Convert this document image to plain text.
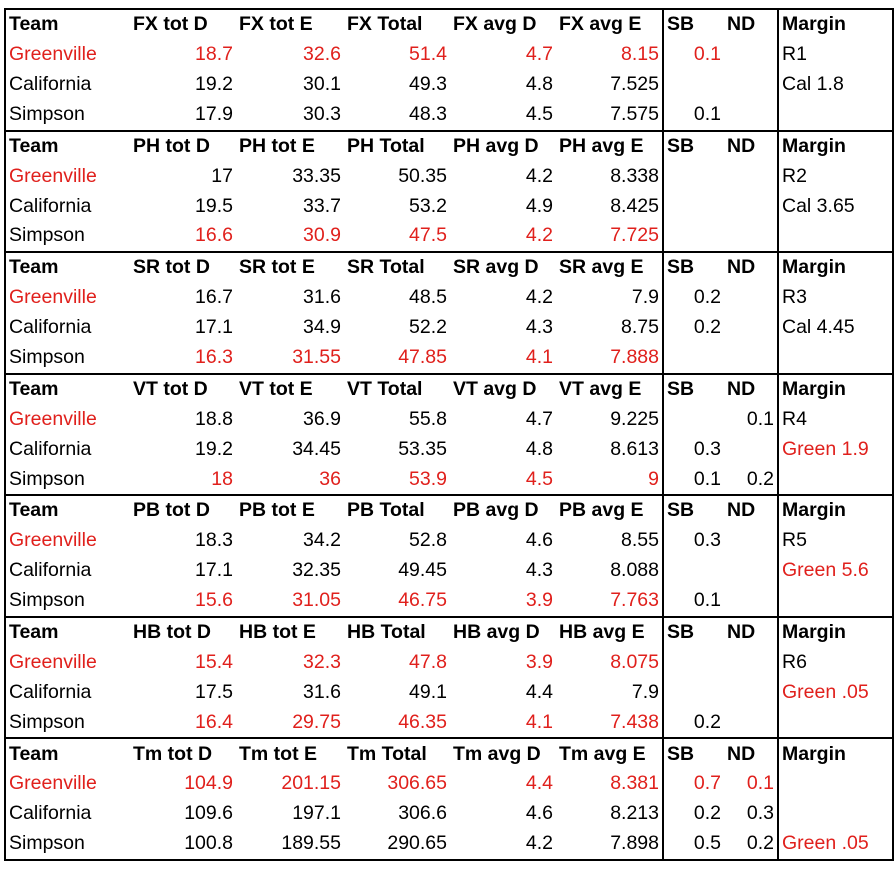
Team	FX tot D	FX tot E	FX Total	FX avg D	FX avg E	SB	ND	Margin
Greenville	18.7	32.6	51.4	4.7	8.15	0.1		R1
California	19.2	30.1	49.3	4.8	7.525			Cal 1.8
Simpson	17.9	30.3	48.3	4.5	7.575	0.1		
Team	PH tot D	PH tot E	PH Total	PH avg D	PH avg E	SB	ND	Margin
Greenville	17	33.35	50.35	4.2	8.338			R2
California	19.5	33.7	53.2	4.9	8.425			Cal 3.65
Simpson	16.6	30.9	47.5	4.2	7.725			
Team	SR tot D	SR tot E	SR Total	SR avg D	SR avg E	SB	ND	Margin
Greenville	16.7	31.6	48.5	4.2	7.9	0.2		R3
California	17.1	34.9	52.2	4.3	8.75	0.2		Cal 4.45
Simpson	16.3	31.55	47.85	4.1	7.888			
Team	VT tot D	VT tot E	VT Total	VT avg D	VT avg E	SB	ND	Margin
Greenville	18.8	36.9	55.8	4.7	9.225		0.1	R4
California	19.2	34.45	53.35	4.8	8.613	0.3		Green 1.9
Simpson	18	36	53.9	4.5	9	0.1	0.2	
Team	PB tot D	PB tot E	PB Total	PB avg D	PB avg E	SB	ND	Margin
Greenville	18.3	34.2	52.8	4.6	8.55	0.3		R5
California	17.1	32.35	49.45	4.3	8.088			Green 5.6
Simpson	15.6	31.05	46.75	3.9	7.763	0.1		
Team	HB tot D	HB tot E	HB Total	HB avg D	HB avg E	SB	ND	Margin
Greenville	15.4	32.3	47.8	3.9	8.075			R6
California	17.5	31.6	49.1	4.4	7.9			Green .05
Simpson	16.4	29.75	46.35	4.1	7.438	0.2		
Team	Tm tot D	Tm tot E	Tm Total	Tm avg D	Tm avg E	SB	ND	Margin
Greenville	104.9	201.15	306.65	4.4	8.381	0.7	0.1	
California	109.6	197.1	306.6	4.6	8.213	0.2	0.3	
Simpson	100.8	189.55	290.65	4.2	7.898	0.5	0.2	Green .05
